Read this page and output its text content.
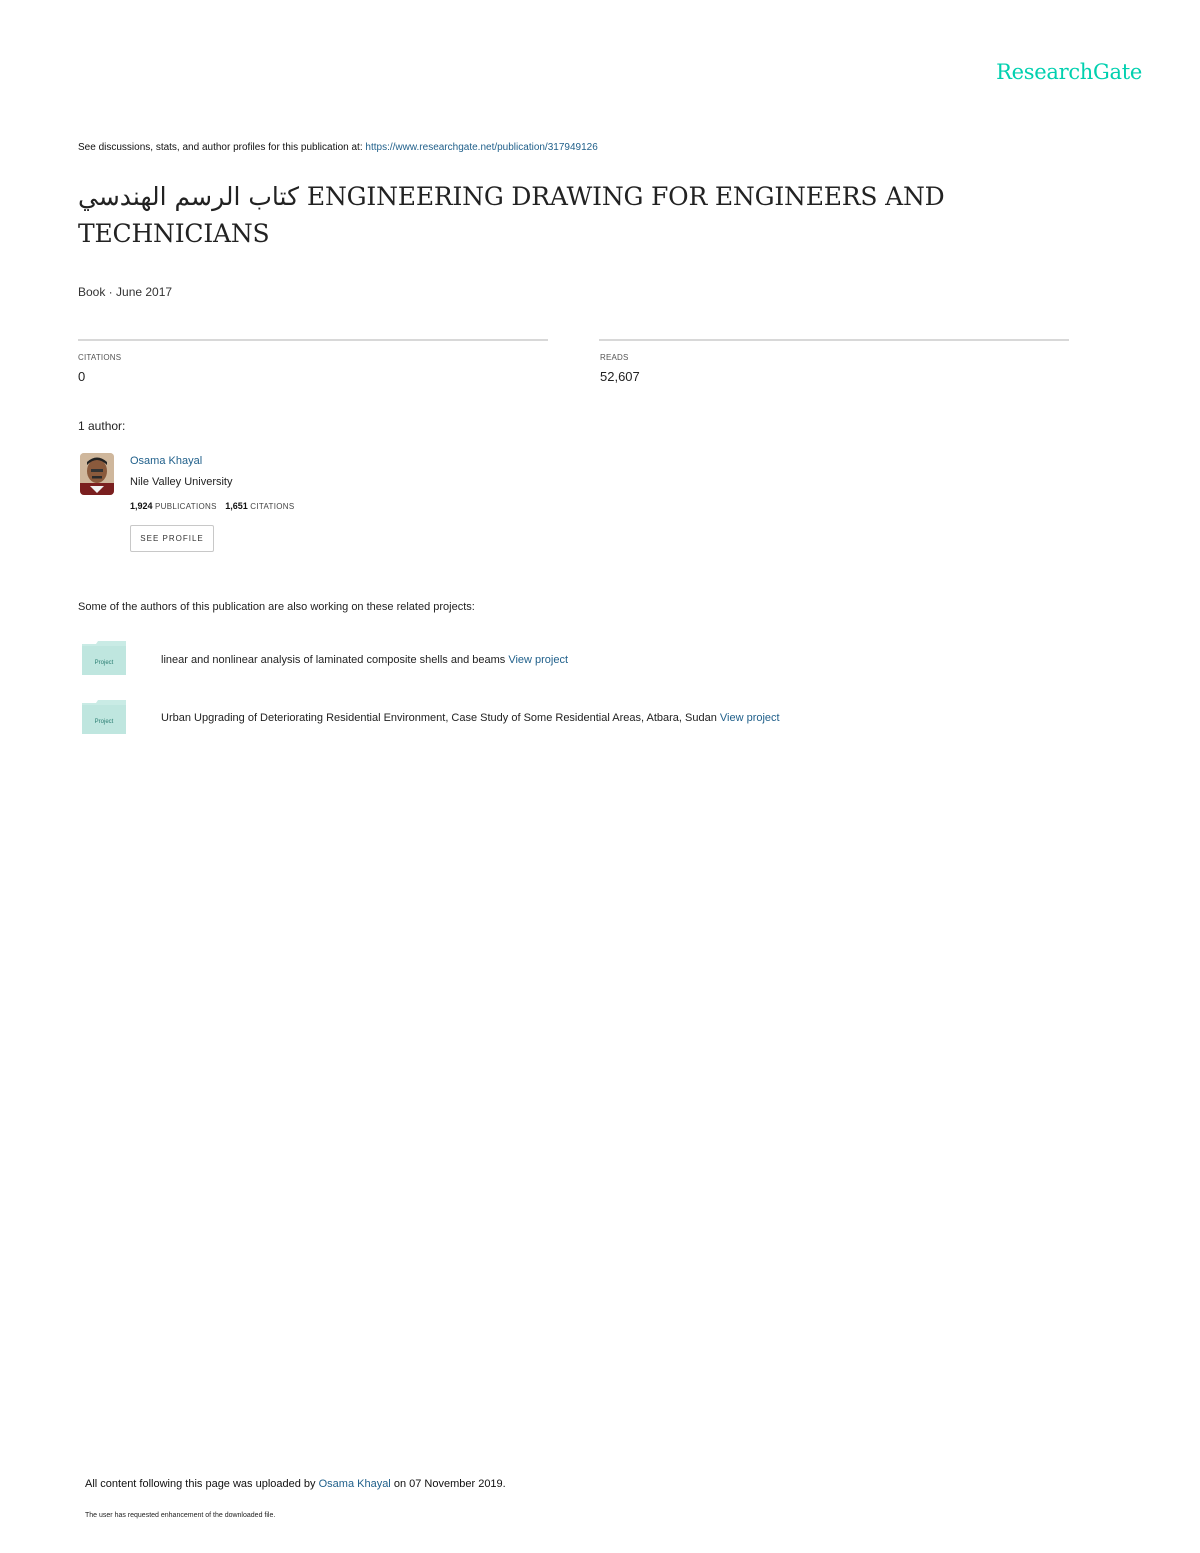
ResearchGate
See discussions, stats, and author profiles for this publication at: https://www.researchgate.net/publication/317949126
كتاب الرسم الهندسي ENGINEERING DRAWING FOR ENGINEERS AND TECHNICIANS
Book · June 2017
CITATIONS
0
READS
52,607
1 author:
Osama Khayal
Nile Valley University
1,924 PUBLICATIONS 1,651 CITATIONS
SEE PROFILE
Some of the authors of this publication are also working on these related projects:
Project	linear and nonlinear analysis of laminated composite shells and beams View project
Project	Urban Upgrading of Deteriorating Residential Environment, Case Study of Some Residential Areas, Atbara, Sudan View project
All content following this page was uploaded by Osama Khayal on 07 November 2019.
The user has requested enhancement of the downloaded file.
